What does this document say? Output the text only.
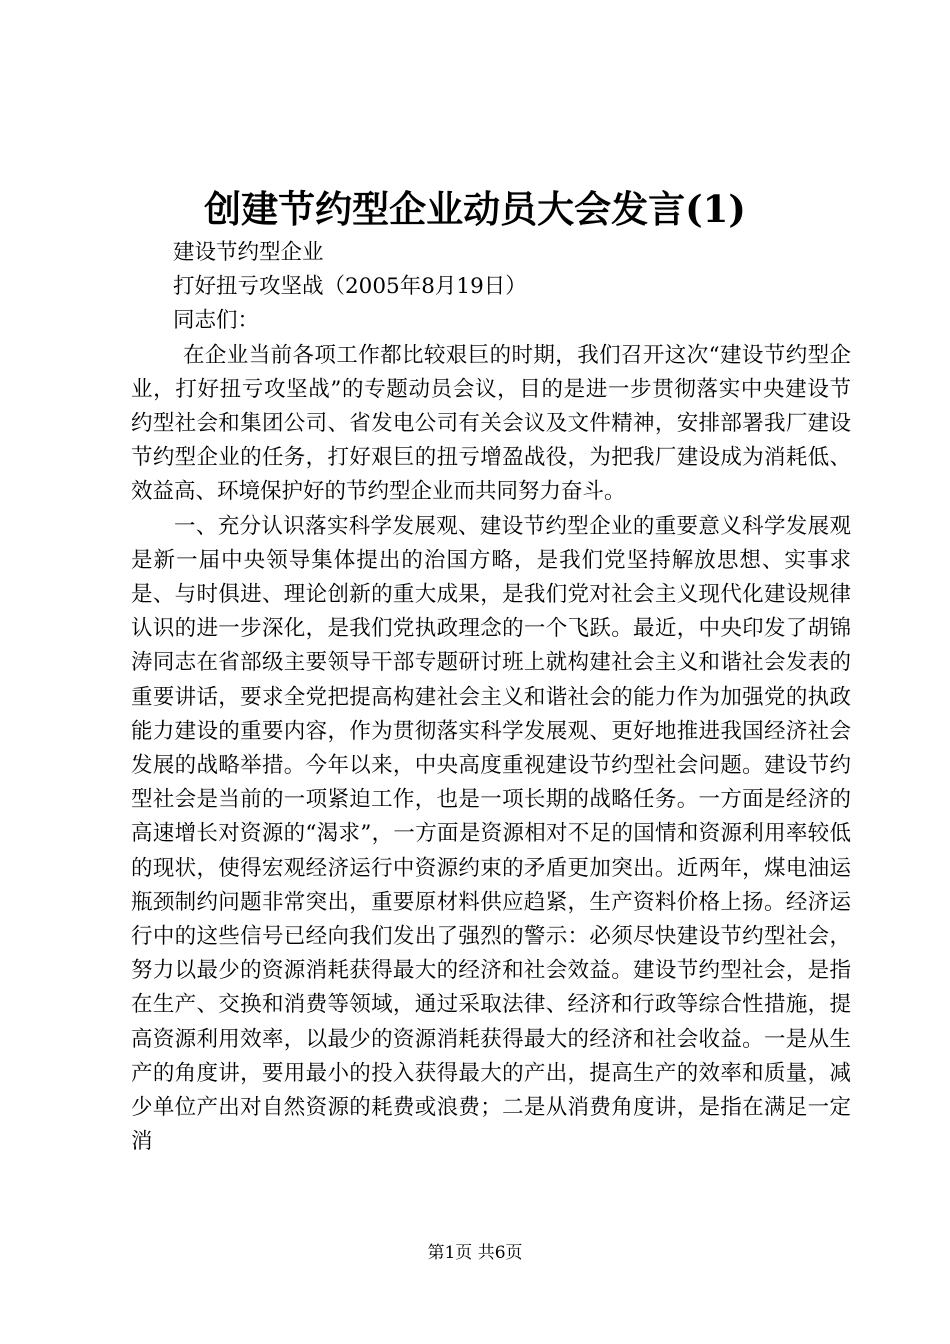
创建节约型企业动员大会发言(1)
建设节约型企业
打好扭亏攻坚战（2005年8月19日）
同志们：

在企业当前各项工作都比较艰巨的时期，我们召开这次“建设节约型企业，打好扭亏攻坚战”的专题动员会议，目的是进一步贯彻落实中央建设节约型社会和集团公司、省发电公司有关会议及文件精神，安排部署我厂建设节约型企业的任务，打好艰巨的扭亏增盈战役，为把我厂建设成为消耗低、效益高、环境保护好的节约型企业而共同努力奋斗。

一、充分认识落实科学发展观、建设节约型企业的重要意义科学发展观是新一届中央领导集体提出的治国方略，是我们党坚持解放思想、实事求是、与时俱进、理论创新的重大成果，是我们党对社会主义现代化建设规律认识的进一步深化，是我们党执政理念的一个飞跃。最近，中央印发了胡锦涛同志在省部级主要领导干部专题研讨班上就构建社会主义和谐社会发表的重要讲话，要求全党把提高构建社会主义和谐社会的能力作为加强党的执政能力建设的重要内容，作为贯彻落实科学发展观、更好地推进我国经济社会发展的战略举措。今年以来，中央高度重视建设节约型社会问题。建设节约型社会是当前的一项紧迫工作，也是一项长期的战略任务。一方面是经济的高速增长对资源的“渴求”，一方面是资源相对不足的国情和资源利用率较低的现状，使得宏观经济运行中资源约束的矛盾更加突出。近两年，煤电油运瓶颈制约问题非常突出，重要原材料供应趋紧，生产资料价格上扬。经济运行中的这些信号已经向我们发出了强烈的警示：必须尽快建设节约型社会，努力以最少的资源消耗获得最大的经济和社会效益。建设节约型社会，是指在生产、交换和消费等领域，通过采取法律、经济和行政等综合性措施，提高资源利用效率，以最少的资源消耗获得最大的经济和社会收益。一是从生产的角度讲，要用最小的投入获得最大的产出，提高生产的效率和质量，减少单位产出对自然资源的耗费或浪费；二是从消费角度讲，是指在满足一定消

第1页 共6页
